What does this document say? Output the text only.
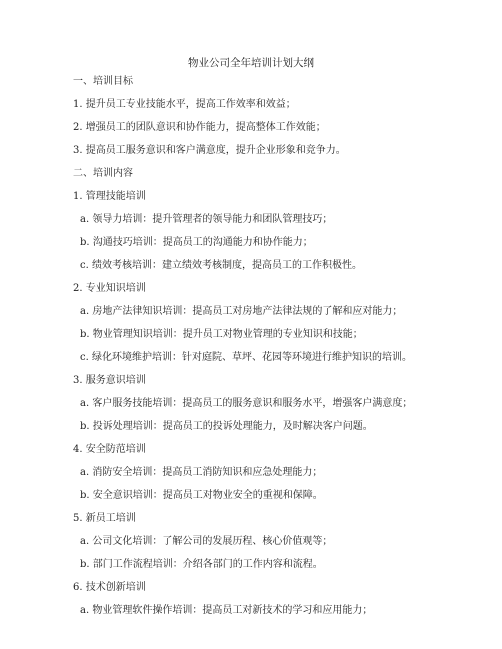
物业公司全年培训计划大纲
一、培训目标
1. 提升员工专业技能水平，提高工作效率和效益；
2. 增强员工的团队意识和协作能力，提高整体工作效能；
3. 提高员工服务意识和客户满意度，提升企业形象和竞争力。
二、培训内容
1. 管理技能培训
a. 领导力培训：提升管理者的领导能力和团队管理技巧；
b. 沟通技巧培训：提高员工的沟通能力和协作能力；
c. 绩效考核培训：建立绩效考核制度，提高员工的工作积极性。
2. 专业知识培训
a. 房地产法律知识培训：提高员工对房地产法律法规的了解和应对能力；
b. 物业管理知识培训：提升员工对物业管理的专业知识和技能；
c. 绿化环境维护培训：针对庭院、草坪、花园等环境进行维护知识的培训。
3. 服务意识培训
a. 客户服务技能培训：提高员工的服务意识和服务水平，增强客户满意度；
b. 投诉处理培训：提高员工的投诉处理能力，及时解决客户问题。
4. 安全防范培训
a. 消防安全培训：提高员工消防知识和应急处理能力；
b. 安全意识培训：提高员工对物业安全的重视和保障。
5. 新员工培训
a. 公司文化培训：了解公司的发展历程、核心价值观等；
b. 部门工作流程培训：介绍各部门的工作内容和流程。
6. 技术创新培训
a. 物业管理软件操作培训：提高员工对新技术的学习和应用能力；
